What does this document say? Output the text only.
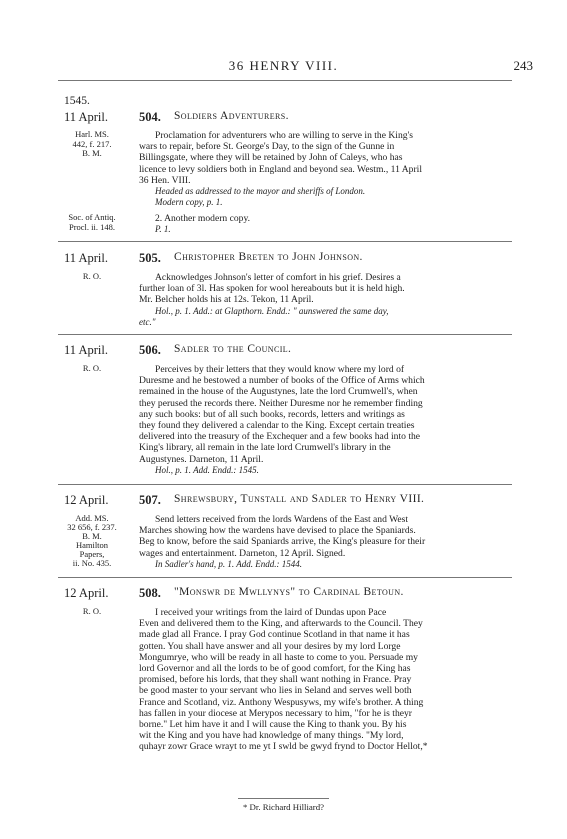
36 HENRY VIII.	243
1545.
11 April. 504. Soldiers Adventurers.
Harl. MS.
442, f. 217.
B. M.
Proclamation for adventurers who are willing to serve in the King's
wars to repair, before St. George's Day, to the sign of the Gunne in
Billingsgate, where they will be retained by John of Caleys, who has
licence to levy soldiers both in England and beyond sea. Westm., 11 April
36 Hen. VIII.
Headed as addressed to the mayor and sheriffs of London.
Modern copy, p. 1.
Soc. of Antiq.
Procl. ii. 148.
2. Another modern copy.
P. 1.
11 April. 505. Christopher Breten to John Johnson.
R. O.	Acknowledges Johnson's letter of comfort in his grief. Desires a
further loan of 3l. Has spoken for wool hereabouts but it is held high.
Mr. Belcher holds his at 12s. Tekon, 11 April.
Hol., p. 1. Add.: at Glapthorn. Endd.: " aunswered the same day,
etc."
11 April. 506. Sadler to the Council.
R. O.	Perceives by their letters that they would know where my lord of
Duresme and he bestowed a number of books of the Office of Arms which
remained in the house of the Augustynes, late the lord Crumwell's, when
they perused the records there. Neither Duresme nor he remember finding
any such books: but of all such books, records, letters and writings as
they found they delivered a calendar to the King. Except certain treaties
delivered into the treasury of the Exchequer and a few books had into the
King's library, all remain in the late lord Crumwell's library in the
Augustynes. Darneton, 11 April.
Hol., p. 1. Add. Endd.: 1545.
12 April. 507. Shrewsbury, Tunstall and Sadler to Henry VIII.
Add. MS.
32 656, f. 237.
B. M.
Hamilton
Papers,
ii. No. 435.
Send letters received from the lords Wardens of the East and West
Marches showing how the wardens have devised to place the Spaniards.
Beg to know, before the said Spaniards arrive, the King's pleasure for their
wages and entertainment. Darneton, 12 April. Signed.
In Sadler's hand, p. 1. Add. Endd.: 1544.
12 April. 508. "Monswr de Mwllynys" to Cardinal Betoun.
R. O.	I received your writings from the laird of Dundas upon Pace
Even and delivered them to the King, and afterwards to the Council. They
made glad all France. I pray God continue Scotland in that name it has
gotten. You shall have answer and all your desires by my lord Lorge
Mongumrye, who will be ready in all haste to come to you. Persuade my
lord Governor and all the lords to be of good comfort, for the King has
promised, before his lords, that they shall want nothing in France. Pray
be good master to your servant who lies in Seland and serves well both
France and Scotland, viz. Anthony Wespusyws, my wife's brother. A thing
has fallen in your diocese at Merypos necessary to him, "for he is theyr
borne." Let him have it and I will cause the King to thank you. By his
wit the King and you have had knowledge of many things. "My lord,
quhayr zowr Grace wrayt to me yt I swld be gwyd frynd to Doctor Hellot,*
* Dr. Richard Hilliard?
